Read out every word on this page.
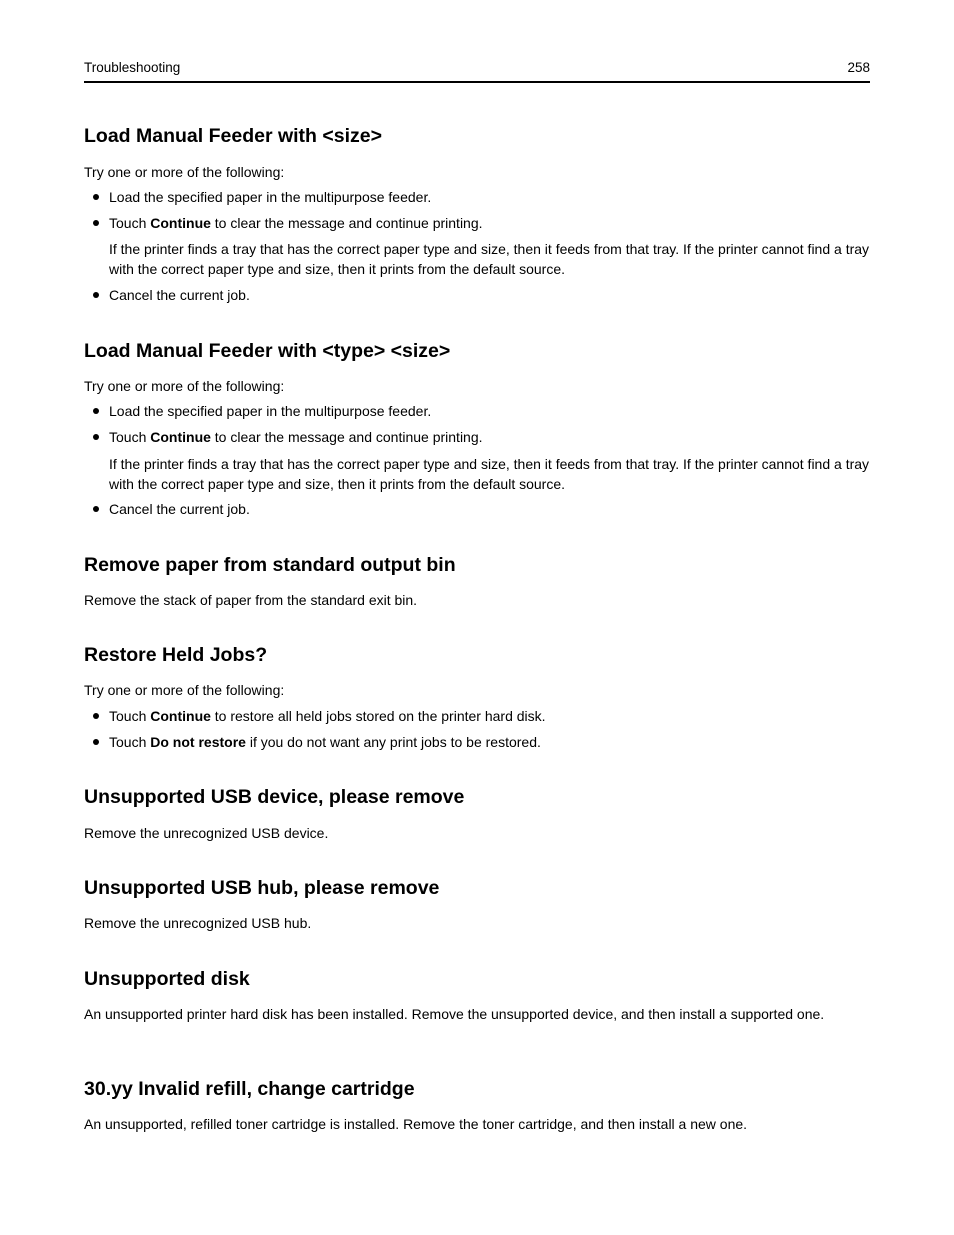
Troubleshooting	258
Load Manual Feeder with <size>
Try one or more of the following:
Load the specified paper in the multipurpose feeder.
Touch Continue to clear the message and continue printing.
If the printer finds a tray that has the correct paper type and size, then it feeds from that tray. If the printer cannot find a tray with the correct paper type and size, then it prints from the default source.
Cancel the current job.
Load Manual Feeder with <type> <size>
Try one or more of the following:
Load the specified paper in the multipurpose feeder.
Touch Continue to clear the message and continue printing.
If the printer finds a tray that has the correct paper type and size, then it feeds from that tray. If the printer cannot find a tray with the correct paper type and size, then it prints from the default source.
Cancel the current job.
Remove paper from standard output bin
Remove the stack of paper from the standard exit bin.
Restore Held Jobs?
Try one or more of the following:
Touch Continue to restore all held jobs stored on the printer hard disk.
Touch Do not restore if you do not want any print jobs to be restored.
Unsupported USB device, please remove
Remove the unrecognized USB device.
Unsupported USB hub, please remove
Remove the unrecognized USB hub.
Unsupported disk
An unsupported printer hard disk has been installed. Remove the unsupported device, and then install a supported one.
30.yy Invalid refill, change cartridge
An unsupported, refilled toner cartridge is installed. Remove the toner cartridge, and then install a new one.
